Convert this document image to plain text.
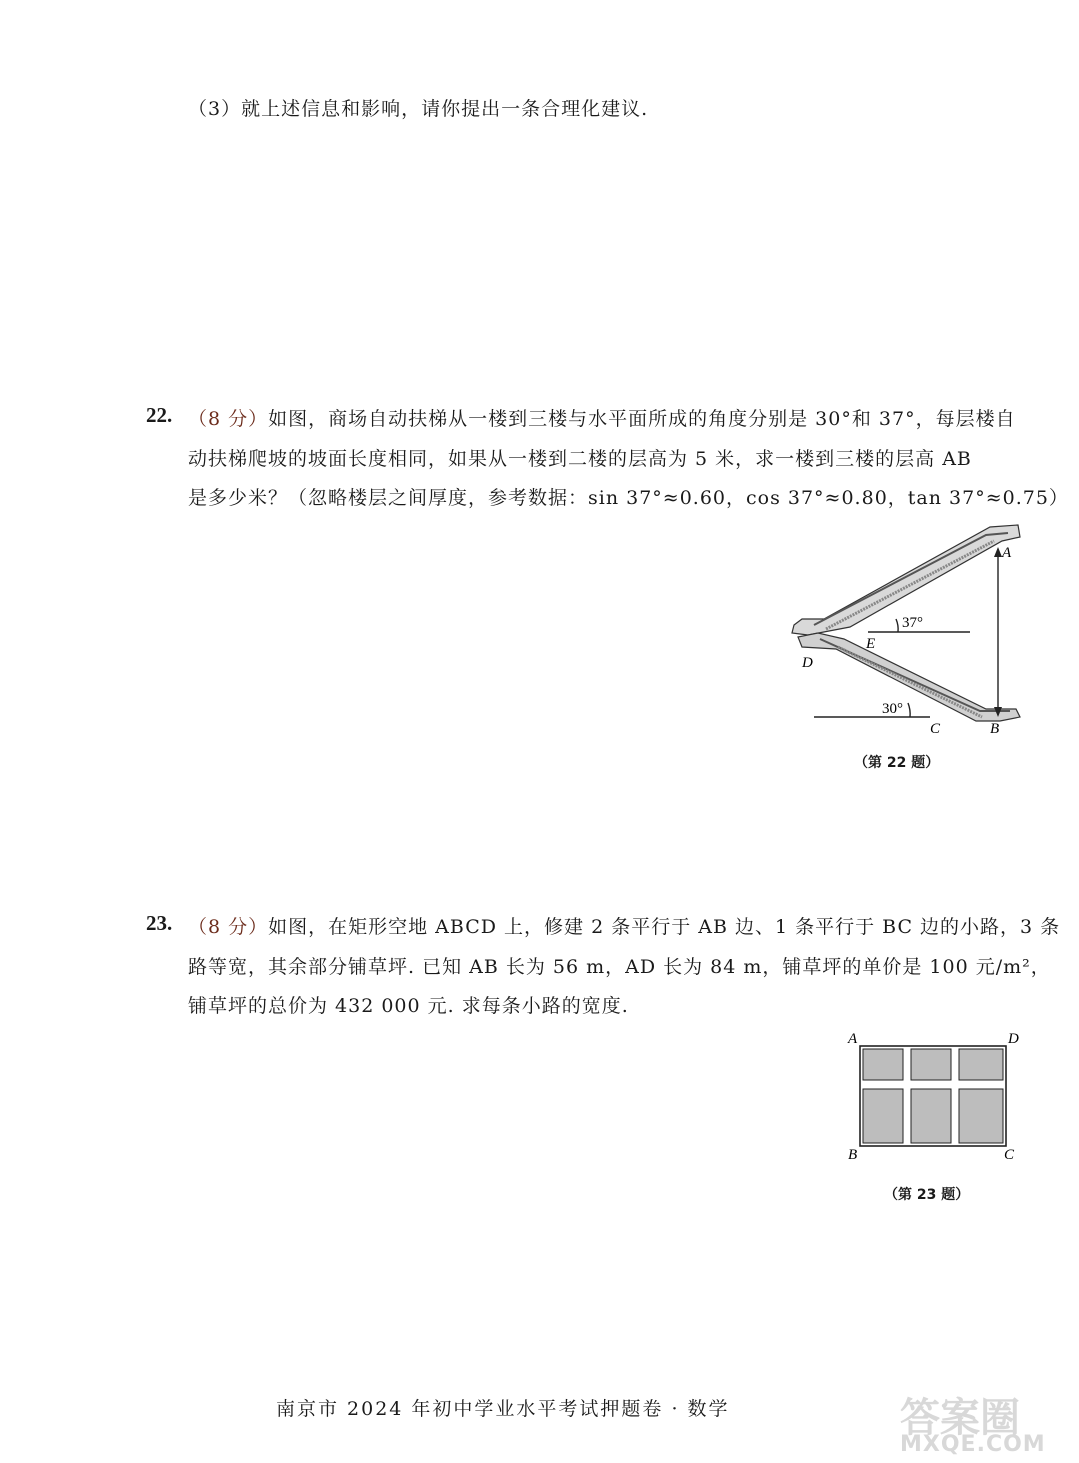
（3）就上述信息和影响，请你提出一条合理化建议.
22. （8 分）如图，商场自动扶梯从一楼到三楼与水平面所成的角度分别是 30°和 37°，每层楼自
动扶梯爬坡的坡面长度相同，如果从一楼到二楼的层高为 5 米，求一楼到三楼的层高 AB
是多少米？（忽略楼层之间厚度，参考数据：sin 37°≈0.60，cos 37°≈0.80，tan 37°≈0.75）
A
B
C
D
E
37°
30°
（第 22 题）
23. （8 分）如图，在矩形空地 ABCD 上，修建 2 条平行于 AB 边、1 条平行于 BC 边的小路，3 条
路等宽，其余部分铺草坪. 已知 AB 长为 56 m，AD 长为 84 m，铺草坪的单价是 100 元/m²，
铺草坪的总价为 432 000 元. 求每条小路的宽度.
A	D
B	C
（第 23 题）
南京市 2024 年初中学业水平考试押题卷 · 数学	答案圈
MXQE.COM
